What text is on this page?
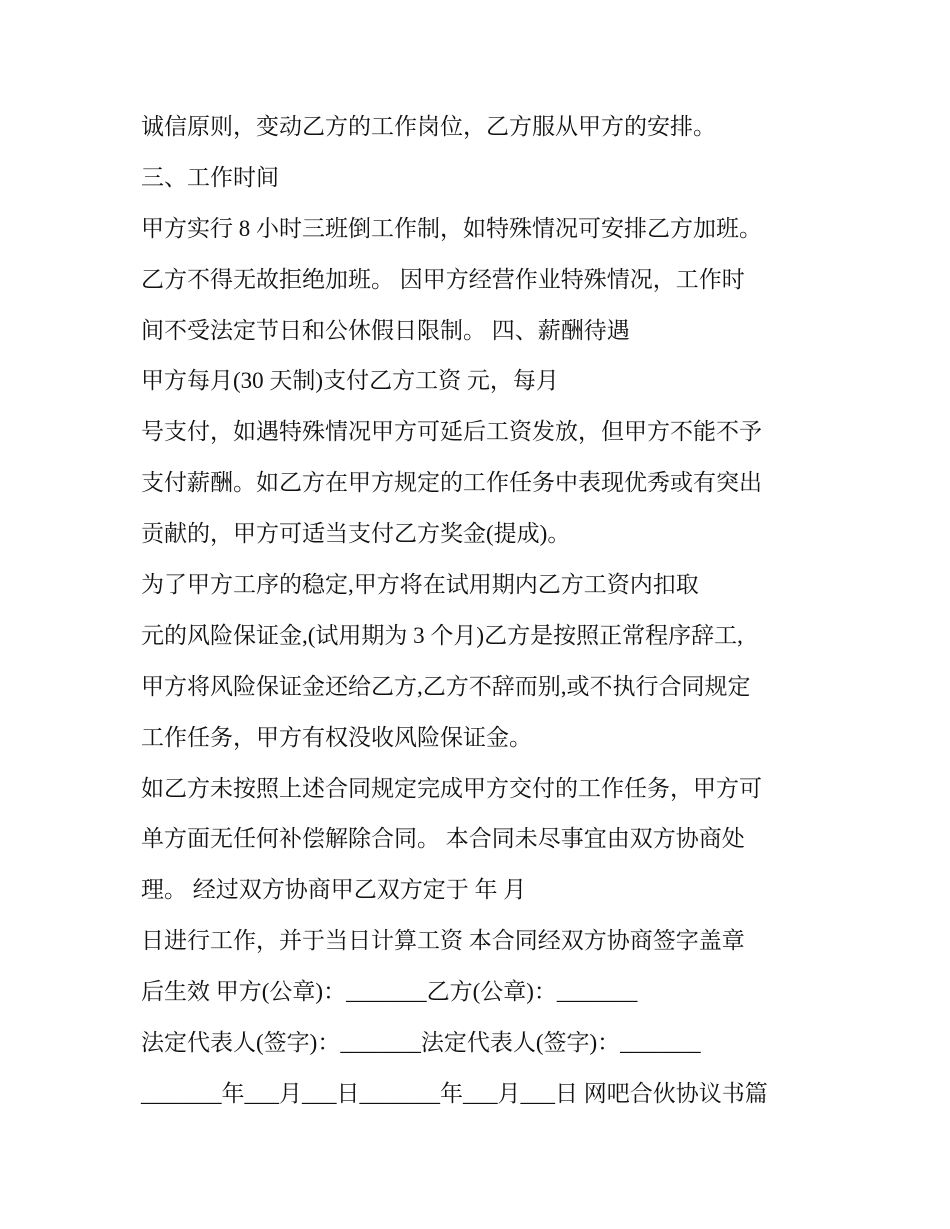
诚信原则，变动乙方的工作岗位，乙方服从甲方的安排。
三、工作时间
甲方实行 8 小时三班倒工作制，如特殊情况可安排乙方加班。
乙方不得无故拒绝加班。 因甲方经营作业特殊情况，工作时
间不受法定节日和公休假日限制。 四、薪酬待遇
甲方每月(30 天制)支付乙方工资 元，每月
号支付，如遇特殊情况甲方可延后工资发放，但甲方不能不予
支付薪酬。如乙方在甲方规定的工作任务中表现优秀或有突出
贡献的，甲方可适当支付乙方奖金(提成)。
为了甲方工序的稳定,甲方将在试用期内乙方工资内扣取
元的风险保证金,(试用期为 3 个月)乙方是按照正常程序辞工,
甲方将风险保证金还给乙方,乙方不辞而别,或不执行合同规定
工作任务，甲方有权没收风险保证金。
如乙方未按照上述合同规定完成甲方交付的工作任务，甲方可
单方面无任何补偿解除合同。 本合同未尽事宜由双方协商处
理。 经过双方协商甲乙双方定于 年 月
日进行工作，并于当日计算工资 本合同经双方协商签字盖章
后生效 甲方(公章)：_______乙方(公章)：_______
法定代表人(签字)：_______法定代表人(签字)：_______
_______年___月___日_______年___月___日 网吧合伙协议书篇
